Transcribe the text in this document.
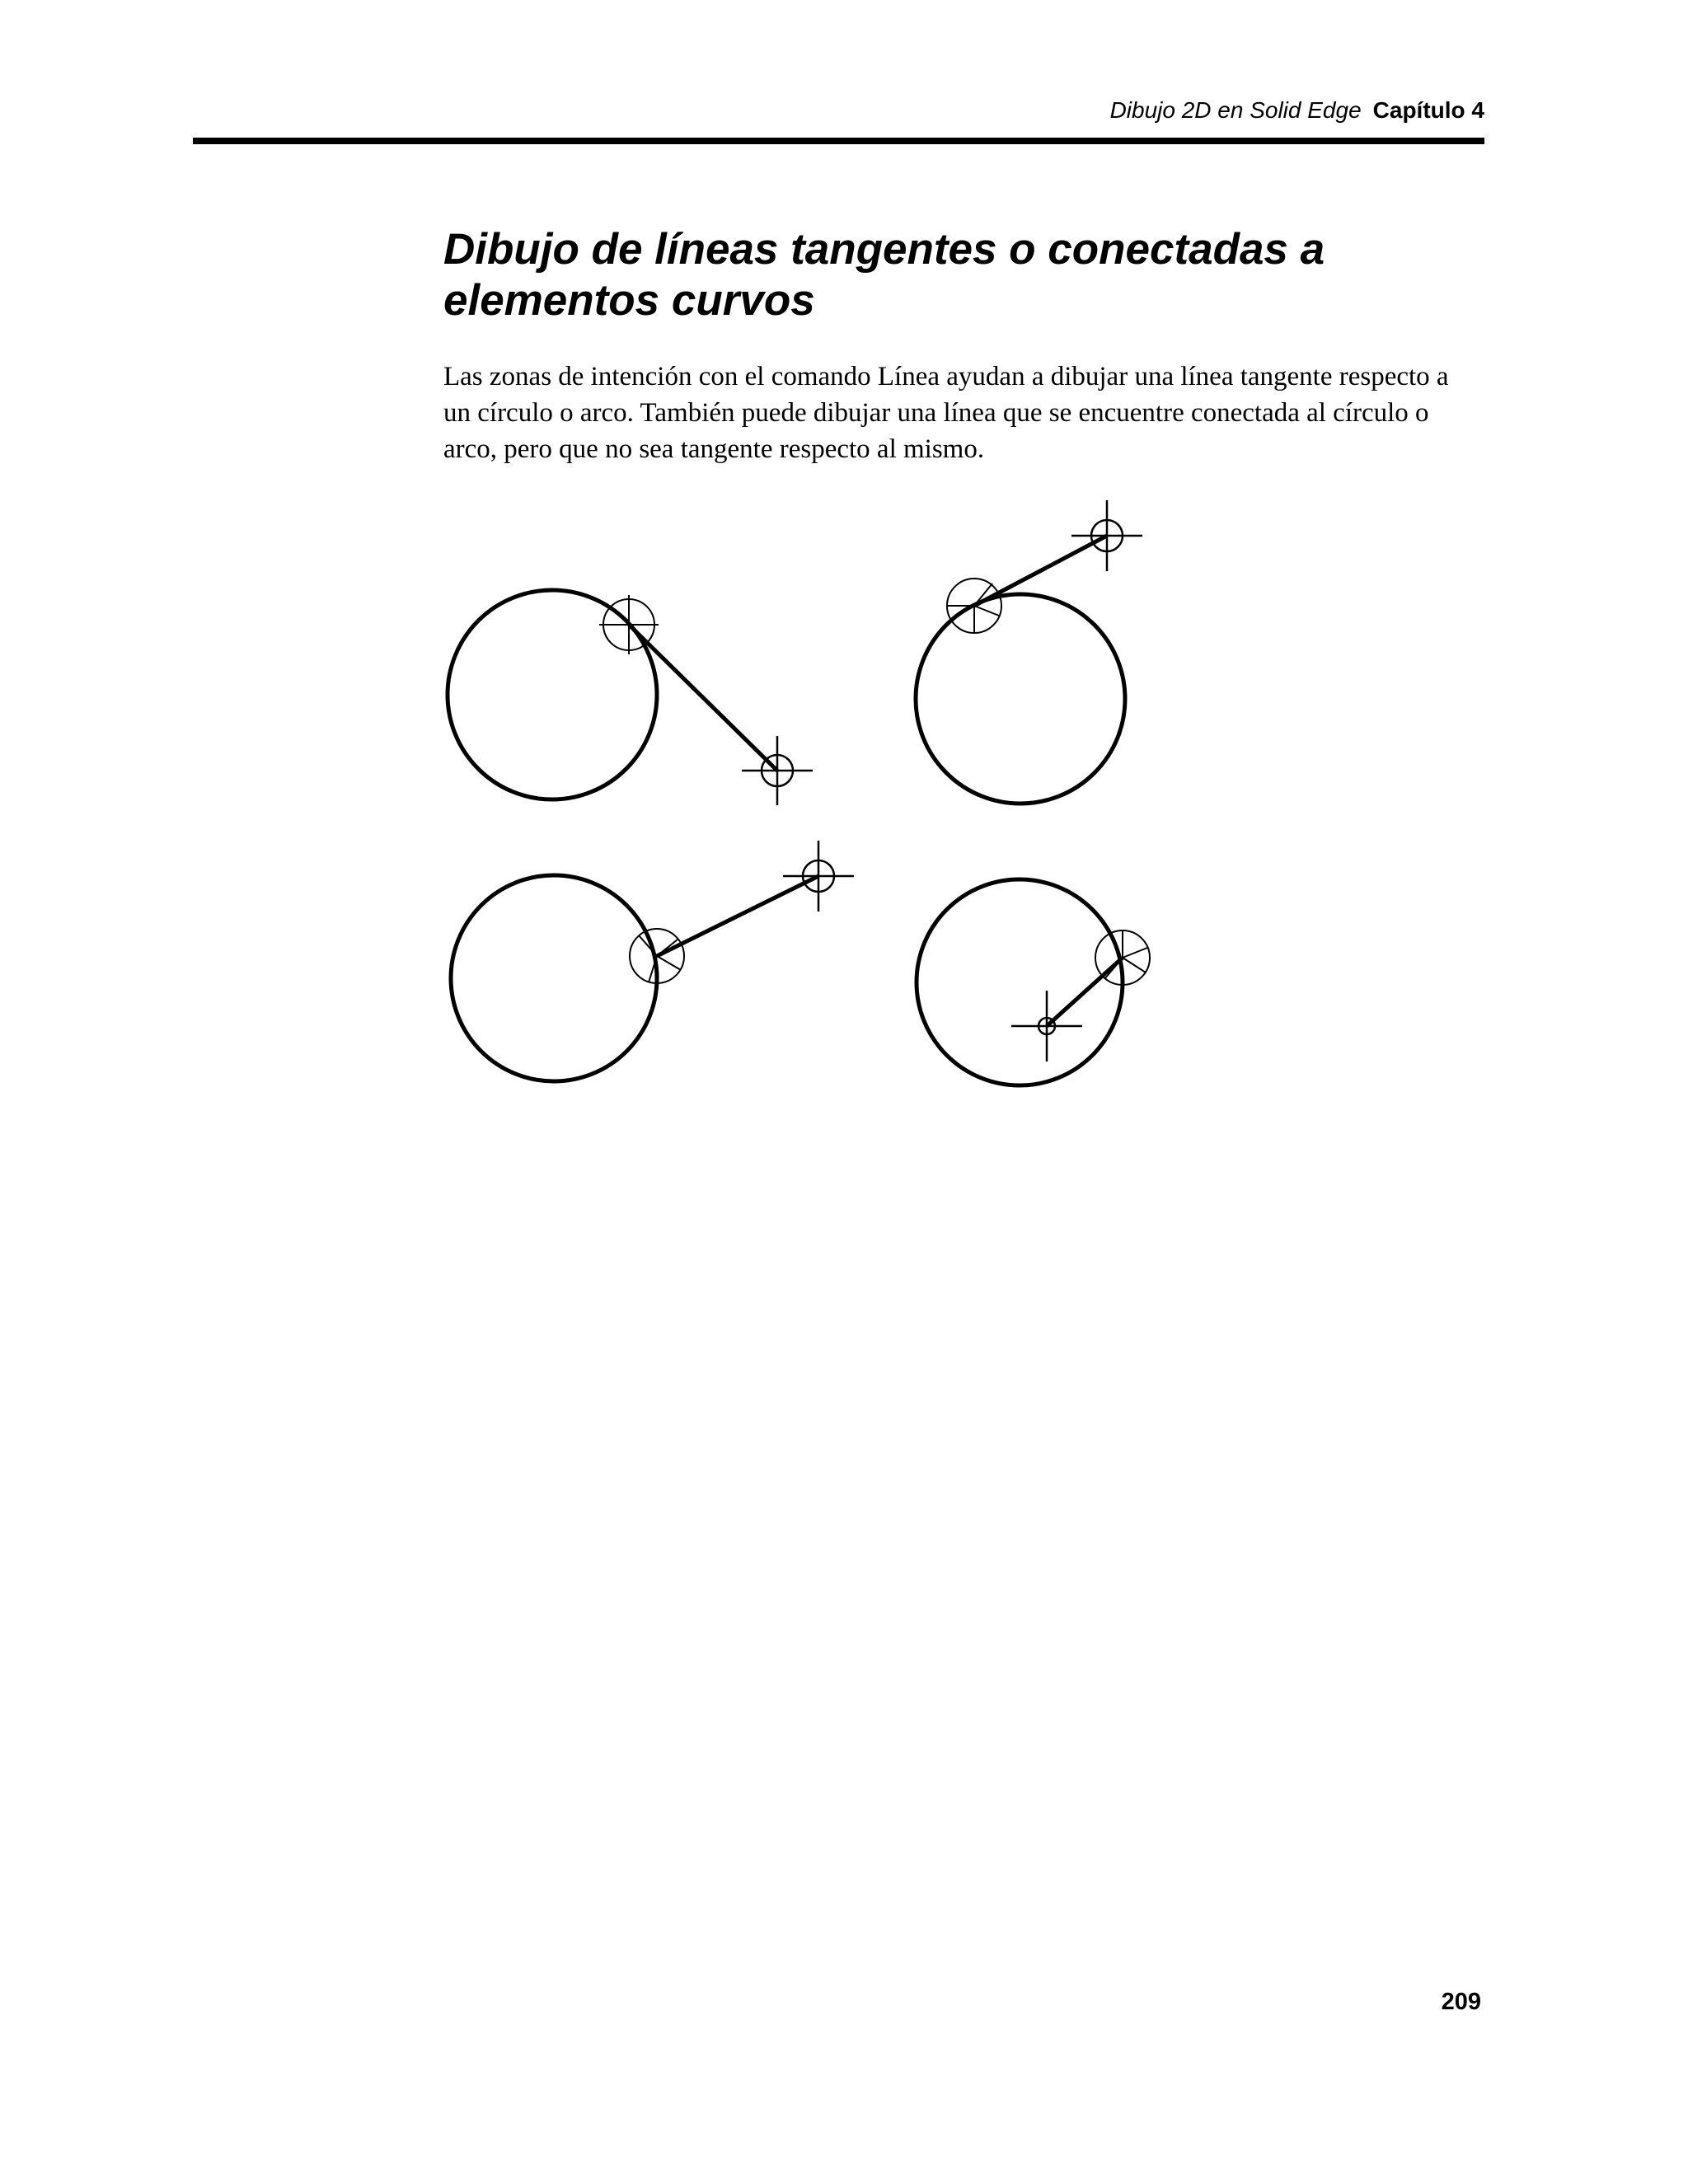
Dibujo 2D en Solid Edge Capítulo 4
Dibujo de líneas tangentes o conectadas a elementos curvos

Las zonas de intención con el comando Línea ayudan a dibujar una línea tangente respecto a un círculo o arco. También puede dibujar una línea que se encuentre conectada al círculo o arco, pero que no sea tangente respecto al mismo.

209
